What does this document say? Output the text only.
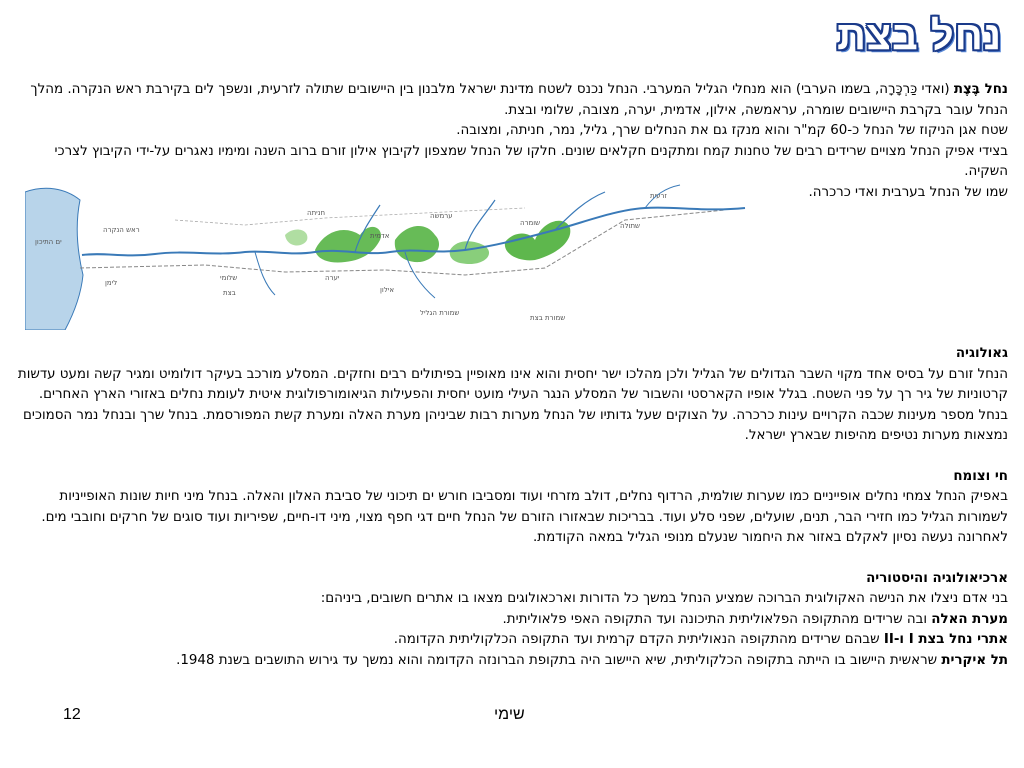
נחל בצת

נחל בֶּצֶת (ואדי כַּרְכָּרָה, בשמו הערבי) הוא מנחלי הגליל המערבי. הנחל נכנס לשטח מדינת ישראל מלבנון בין היישובים שתולה לזרעית, ונשפך לים בקירבת ראש הנקרה. מהלך הנחל עובר בקרבת היישובים שומרה, עראמשה, אילון, אדמית, יערה, מצובה, שלומי ובצת.

שטח אגן הניקוז של הנחל כ-60 קמ"ר והוא מנקז גם את הנחלים שרך, גליל, נמר, חניתה, ומצובה.

בצידי אפיק הנחל מצויים שרידים רבים של טחנות קמח ומתקנים חקלאים שונים. חלקו של הנחל שמצפון לקיבוץ אילון זורם ברוב השנה ומימיו נאגרים על-ידי הקיבוץ לצרכי השקיה.

שמו של הנחל בערבית ואדי כרכרה.

ים התיכון
ראש הנקרה
לימן
שלומי
בצת
יערה
אילון
אדמית
חניתה	ערמשה
שומרה	שתולה
זרעית
שמורת הגליל
שמורת בצת

גאולוגיה

הנחל זורם על בסיס אחד מקוי השבר הגדולים של הגליל ולכן מהלכו ישר יחסית והוא אינו מאופיין בפיתולים רבים וחזקים. המסלע מורכב בעיקר דולומיט ומגיר קשה ומעט עדשות קרטוניות של גיר רך על פני השטח. בגלל אופיו הקארסטי והשבור של המסלע הנגר העילי מועט יחסית והפעילות הגיאומורפולוגית איטית לעומת נחלים באזורי הארץ האחרים. בנחל מספר מעינות שכבה הקרויים עינות כרכרה. על הצוקים שעל גדותיו של הנחל מערות רבות שביניהן מערת האלה ומערת קשת המפורסמת. בנחל שרך ובנחל נמר הסמוכים נמצאות מערות נטיפים מהיפות שבארץ ישראל.

חי וצומח

באפיק הנחל צמחי נחלים אופייניים כמו שערות שולמית, הרדוף נחלים, דולב מזרחי ועוד ומסביבו חורש ים תיכוני של סביבת האלון והאלה. בנחל מיני חיות שונות האופייניות לשמורות הגליל כמו חזירי הבר, תנים, שועלים, שפני סלע ועוד. בבריכות שבאזורו הזורם של הנחל חיים דגי חפף מצוי, מיני דו-חיים, שפיריות ועוד סוגים של חרקים וחובבי מים. לאחרונה נעשה נסיון לאקלם באזור את היחמור שנעלם מנופי הגליל במאה הקודמת.

ארכיאולוגיה והיסטוריה

בני אדם ניצלו את הנישה האקולוגית הברוכה שמציע הנחל במשך כל הדורות וארכאולוגים מצאו בו אתרים חשובים, ביניהם:

מערת האלה ובה שרידים מהתקופה הפלאוליתית התיכונה ועד התקופה האפי פלאוליתית.

אתרי נחל בצת I ו-II שבהם שרידים מהתקופה הנאוליתית הקדם קרמית ועד התקופה הכלקוליתית הקדומה.

תל איקרית שראשית היישוב בו הייתה בתקופה הכלקוליתית, שיא היישוב היה בתקופת הברונזה הקדומה והוא נמשך עד גירוש התושבים בשנת 1948.

12	שימי
